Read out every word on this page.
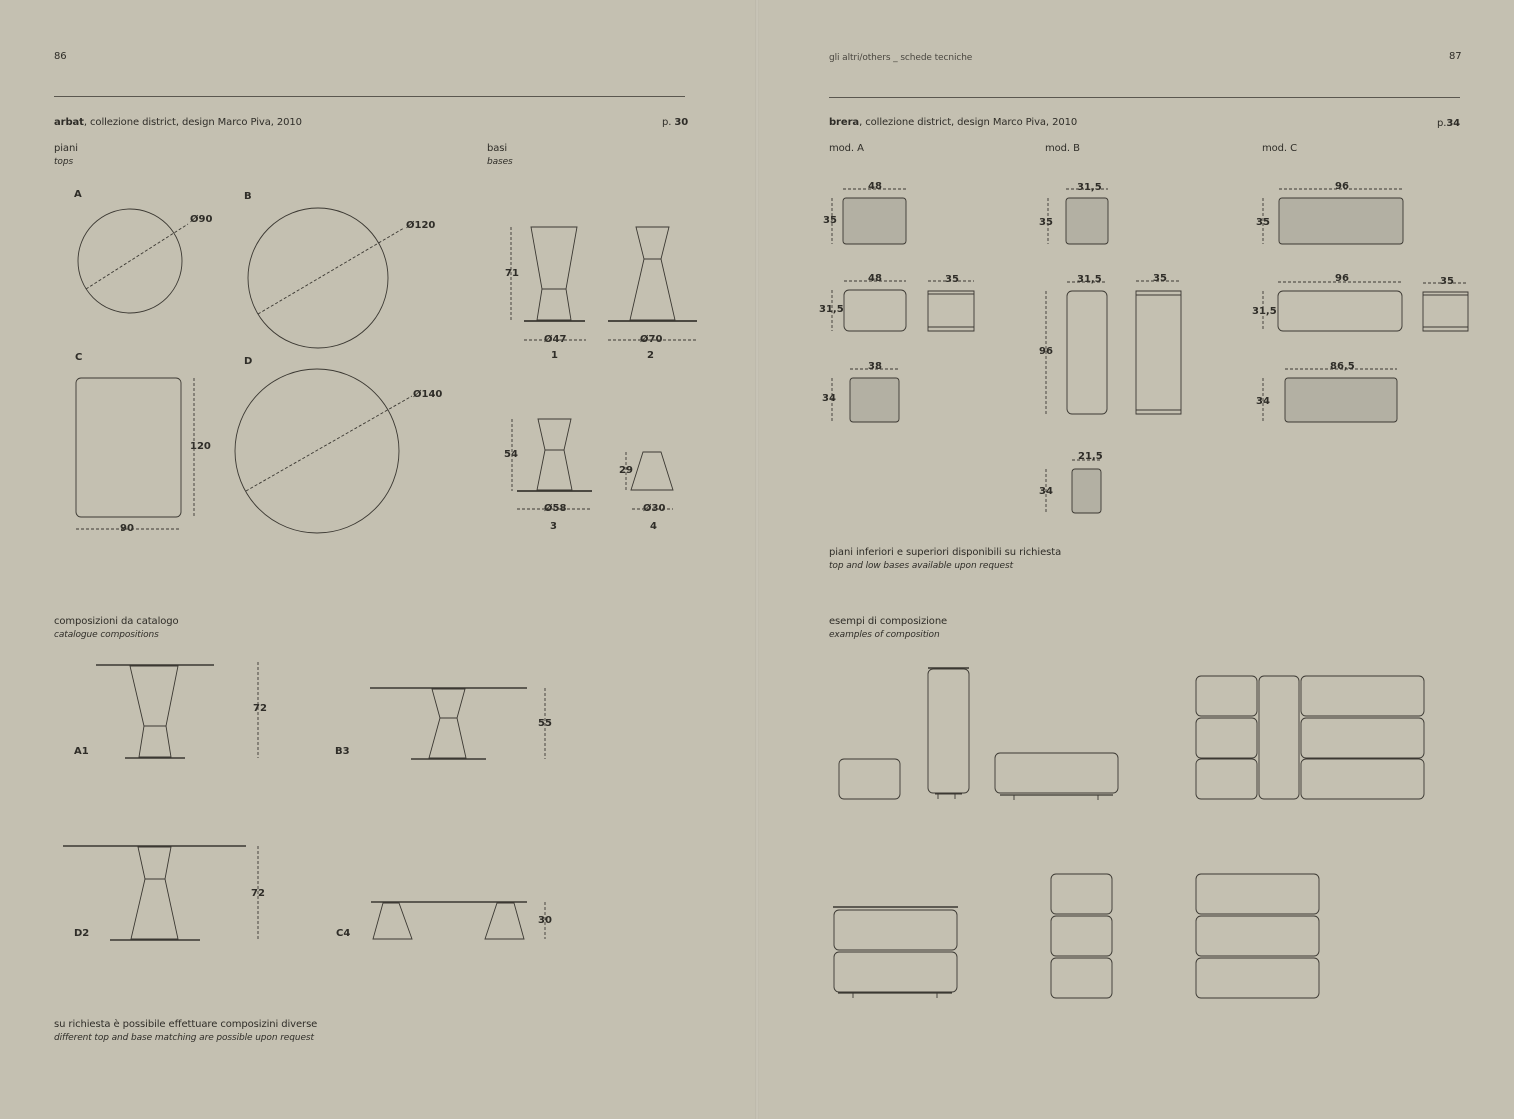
86
arbat, collezione district, design Marco Piva, 2010	p. 30
piani
tops
basi
bases
A	B
C	D
Ø90
Ø120
120
90
Ø140
71
Ø47
1
Ø70
2
54
Ø58
3
29
Ø30
4
composizioni da catalogo
catalogue compositions
A1
72
B3
55
D2
72
C4
30
su richiesta è possibile effettuare composizini diverse
different top and base matching are possible upon request
gli altri/others _ schede tecniche	87
brera, collezione district, design Marco Piva, 2010	p.34
mod. A	mod. B	mod. C
48
35
48
31,5
35
38
34
31,5
35
31,5	35
96
21,5
34
96
35
96
31,5
35
86,5
34
piani inferiori e superiori disponibili su richiesta
top and low bases available upon request
esempi di composizione
examples of composition
